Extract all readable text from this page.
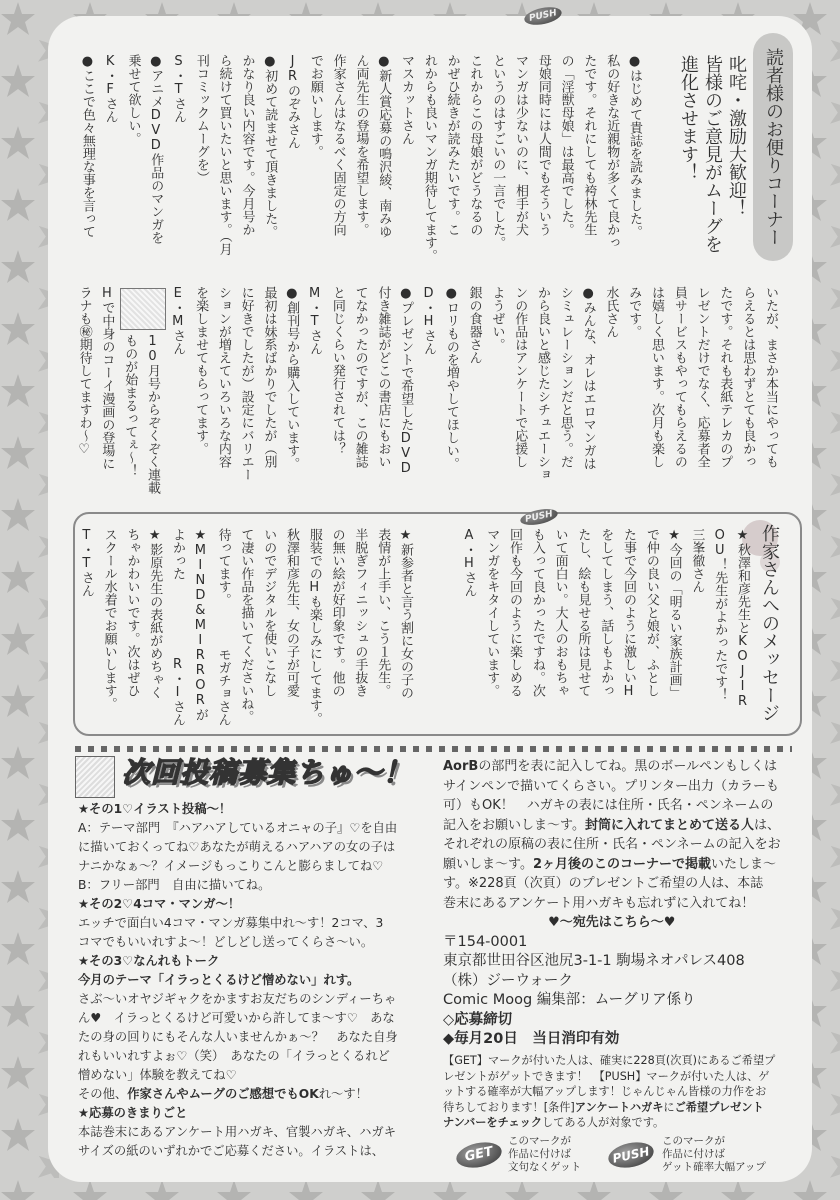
読者様のお便りコーナー
叱咤・激励大歓迎！
皆様のご意見がムーグを
進化させます！
PUSH
●はじめて貴誌を読みました。
私の好きな近親物が多くて良かっ
たです。それにしても袴林先生
の「淫獣母娘」は最高でした。
母娘同時には人間でもそういう
マンガは少ないのに、相手が犬
というのはすごいの一言でした。
これからこの母娘がどうなるの
かぜひ続きが読みたいです。こ
れからも良いマンガ期待してます。
マスカットさん
●新人賞応募の鳴沢綾、南みゆ
ん両先生の登場を希望します。
作家さんはなるべく固定の方向
でお願いします。
JRのぞみさん
●初めて読ませて頂きました。
かなり良い内容です。今月号か
ら続けて買いたいと思います。（月
刊コミックムーグを）
S・Tさん
●アニメDVD作品のマンガを
乗せて欲しい。
K・Fさん
●ここで色々無理な事を言って
いたが、まさか本当にやっても
らえるとは思わずとても良かっ
たです。それも表紙テレカのプ
レゼントだけでなく、応募者全
員サービスもやってもらえるの
は嬉しく思います。次月も楽し
みです。
水氏さん
●みんな、オレはエロマンガは
シミュレーションだと思う。だ
から良いと感じたシチュエーショ
ンの作品はアンケートで応援し
ようぜい。
銀の食器さん
●ロリものを増やしてほしい。
D・Hさん
●プレゼントで希望したDVD
付き雑誌がどこの書店にもおい
てなかったのですが、この雑誌
と同じくらい発行されては？
M・Tさん
●創刊号から購入しています。
最初は妹系ばかりでしたが（別
に好きでしたが）設定にバリエー
ションが増えていろいろな内容
を楽しませてもらってます。
E・Mさん
10月号からぞくぞく連載
ものが始まるってぇ～！
Hで中身のコーイ漫画の登場に
ラナも㊙期待してますわ～♡
作家さんへのメッセージ
PUSH
★秋澤和彦先生とKOJIR
OU！先生がよかったです！
三峯徹さん
★今回の「明るい家族計画」
で仲の良い父と娘が、ふとし
た事で今回のように激しいH
をしてしまう、話しもよかっ
たし、絵も見せる所は見せて
いて面白い。大人のおもちゃ
も入って良かったですね。次
回作も今回のように楽しめる
マンガをキタイしています。
A・Hさん
★新参者と言う割に女の子の
表情が上手い、こう１先生。
半脱ぎフィニッシュの手抜き
の無い絵が好印象です。他の
服装でのHも楽しみにしてます。
秋澤和彦先生、女の子が可愛
いのでデジタルを使いこなし
て凄い作品を描いてくださいね。
待ってます。
モガチョさん
★MIND&MIRRORが
よかった
R・Iさん
★影原先生の表紙がめちゃく
ちゃかわいいです。次はぜひ
スクール水着でお願いします。
T・Tさん
次回投稿募集ちゅ～！
★その1♡イラスト投稿～！
A：テーマ部門　『ハアハアしているオニャの子』♡を自由
に描いておくってね♡あなたが萌えるハアハアの女の子は
ナニかなぁ～？イメージもっこりこんと膨らましてね♡
B：フリー部門　自由に描いてね。
★その2♡4コマ・マンガ～！
エッチで面白い4コマ・マンガ募集中れ～す！2コマ、3
コマでもいいれすよ～！どしどし送ってくらさ～い。
★その3♡なんれもトーク
今月のテーマ「イラっとくるけど憎めない」れす。
さぶ～いオヤジギャクをかますお友だちのシンディーちゃ
ん♥　イラっとくるけど可愛いから許してま～す♡　あな
たの身の回りにもそんな人いませんかぁ～？　あなた自身
れもいいれすよぉ♡（笑）　あなたの「イラっとくるれど
憎めない」体験を教えてね♡
その他、作家さんやムーグのご感想でもOKれ～す！
★応募のきまりごと
本誌巻末にあるアンケート用ハガキ、官製ハガキ、ハガキ
サイズの紙のいずれかでご応募ください。イラストは、
AorBの部門を表に記入してね。黒のボールペンもしくは
サインペンで描いてくらさい。プリンター出力（カラーも
可）もOK！　ハガキの表には住所・氏名・ペンネームの
記入をお願いしま～す。封筒に入れてまとめて送る人は、
それぞれの原稿の表に住所・氏名・ペンネームの記入をお
願いしま～す。2ヶ月後のこのコーナーで掲載いたしま～
す。※228頁（次頁）のプレゼントご希望の人は、本誌
巻末にあるアンケート用ハガキも忘れずに入れてね！
♥～宛先はこちら～♥
〒154-0001
東京都世田谷区池尻3-1-1 駒場ネオパレス408
（株）ジーウォーク
Comic Moog 編集部：ムーグリア係り
◇応募締切
◆毎月20日　当日消印有効
【GET】マークが付いた人は、確実に228頁(次頁)にあるご希望プ
レゼントがゲットできます！　【PUSH】マークが付いた人は、ゲ
ットする確率が大幅アップします！じゃんじゃん皆様の力作をお
待ちしております！[条件]アンケートハガキにご希望プレゼント
ナンバーをチェックしてある人が対象です。
GET
このマークが
作品に付けば
文句なくゲット
PUSH
このマークが
作品に付けば
ゲット確率大幅アップ
